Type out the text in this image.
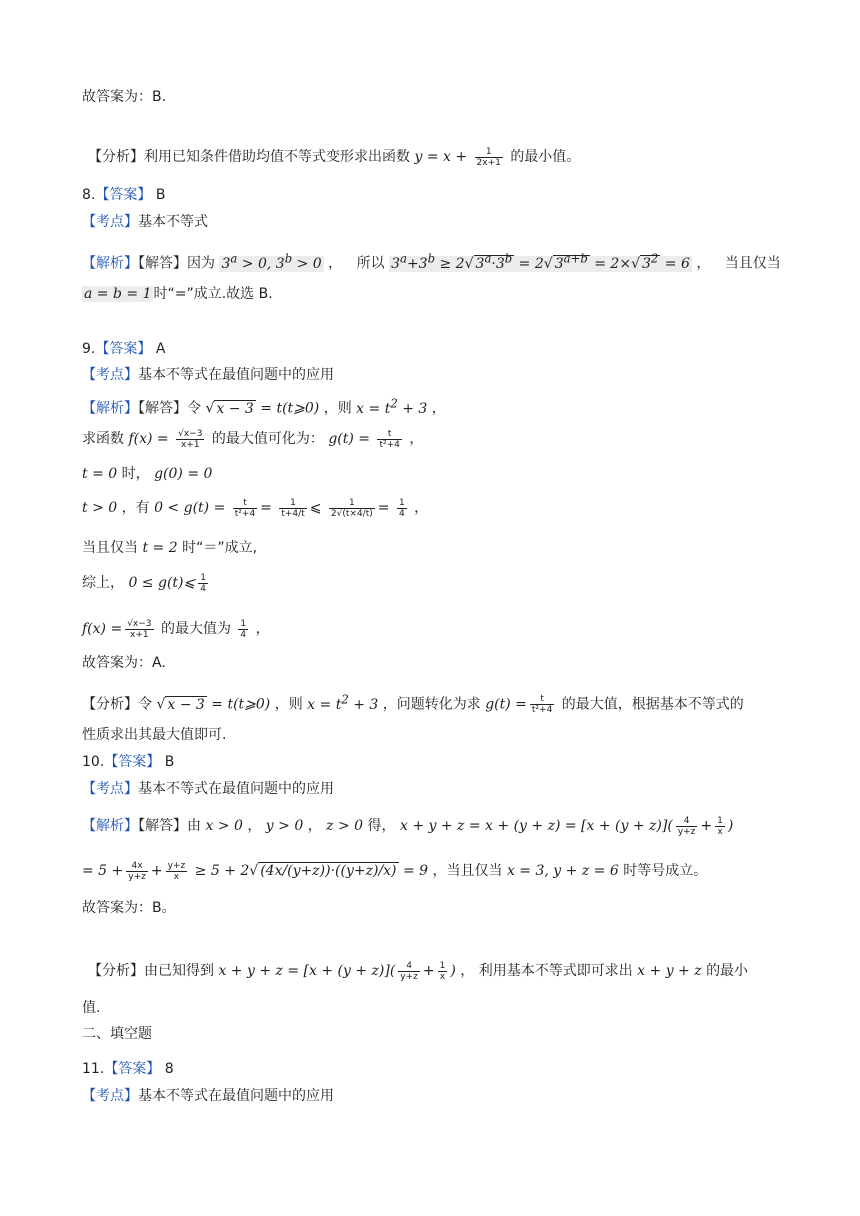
故答案为：B.
【分析】利用已知条件借助均值不等式变形求出函数 $y = x + \frac{1}{2x+1}$ 的最小值。
8.【答案】 B
【考点】基本不等式
【解析】【解答】因为 $3^a > 0$, $3^b > 0$ ， 所以 $3^a+3^b \ge 2√$ $3^a\cdot 3^b = 2√$ $3^{a+b} = 2\times√$ $3^2 = 6$ ， 当且仅当
a = b = 1 时“=”成立.故选 B.
9.【答案】 A
【考点】基本不等式在最值问题中的应用
【解析】【解答】令 √ x − 3 = t(t⩾0) ，则 $x = t^2 + 3$ ，
求函数 $f(x) = \frac{√x-3}{x+1}$ 的最大值可化为： $g(t) = \frac{t}{\text{t²+4}}$ ，
t = 0 时， g(0) = 0
t > 0 ，有 $0 < g(t) = \frac{t}{\text{t²+4}} = \frac{1}{t+4/t}$ ⩽ $\frac{1}{2√(t\times 4/t)} = \frac{1}{4}$ ，
当且仅当 t = 2 时“＝”成立,
综上， 0 ≤ g(t)⩽ $\frac{1}{4}$
$f(x) = \frac{√x-3}{x+1}$ 的最大值为 $\frac{1}{4}$ ，
故答案为：A.
【分析】令 √ x − 3 = t(t⩾0) ，则 $x = t^2 + 3$ ，问题转化为求 $g(t) = \frac{t}{\text{t²+4}}$ 的最大值，根据基本不等式的
性质求出其最大值即可.
10.【答案】 B
【考点】基本不等式在最值问题中的应用
【解析】【解答】由 x > 0 ， y > 0 ， z > 0 得， $x + y + z = x + (y + z) = [x + (y + z)]( \frac{4}{y+z} + \frac{1}{x}$ )
= $5 + \frac{4x}{y+z} + \frac{y+z}{x} \ge 5 + 2√$ (4x/(y+z))·((y+z)/x) = 9 ，当且仅当 x = 3, y + z = 6 时等号成立。
故答案为：B。
【分析】由已知得到 $x + y + z = [x + (y + z)]( \frac{4}{y+z} + \frac{1}{x}$ ) ， 利用基本不等式即可求出 x + y + z 的最小
值.
二、填空题
11.【答案】 8
【考点】基本不等式在最值问题中的应用
